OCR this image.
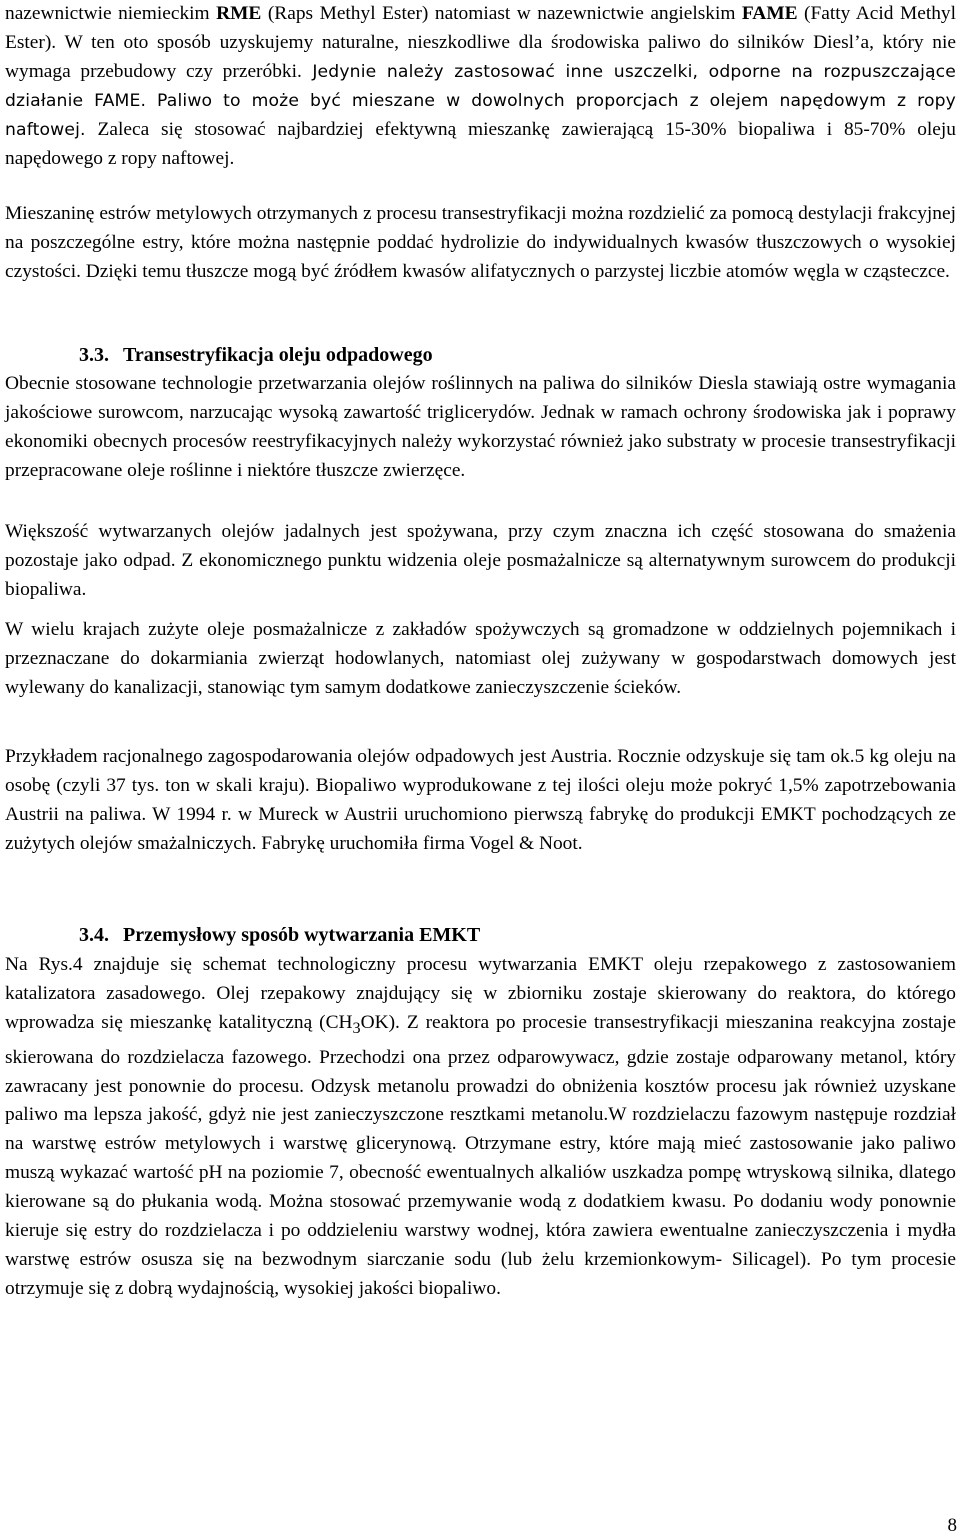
nazewnictwie niemieckim RME (Raps Methyl Ester) natomiast w nazewnictwie angielskim FAME (Fatty Acid Methyl Ester). W ten oto sposób uzyskujemy naturalne, nieszkodliwe dla środowiska paliwo do silników Diesl’a, który nie wymaga przebudowy czy przeróbki. Jedynie należy zastosować inne uszczelki, odporne na rozpuszczające działanie FAME. Paliwo to może być mieszane w dowolnych proporcjach z olejem napędowym z ropy naftowej. Zaleca się stosować najbardziej efektywną mieszankę zawierającą 15-30% biopaliwa i 85-70% oleju napędowego z ropy naftowej.

Mieszaninę estrów metylowych otrzymanych z procesu transestryfikacji można rozdzielić za pomocą destylacji frakcyjnej na poszczególne estry, które można następnie poddać hydrolizie do indywidualnych kwasów tłuszczowych o wysokiej czystości. Dzięki temu tłuszcze mogą być źródłem kwasów alifatycznych o parzystej liczbie atomów węgla w cząsteczce.

3.3. Transestryfikacja oleju odpadowego

Obecnie stosowane technologie przetwarzania olejów roślinnych na paliwa do silników Diesla stawiają ostre wymagania jakościowe surowcom, narzucając wysoką zawartość triglicerydów. Jednak w ramach ochrony środowiska jak i poprawy ekonomiki obecnych procesów reestryfikacyjnych należy wykorzystać również jako substraty w procesie transestryfikacji przepracowane oleje roślinne i niektóre tłuszcze zwierzęce.

Większość wytwarzanych olejów jadalnych jest spożywana, przy czym znaczna ich część stosowana do smażenia pozostaje jako odpad. Z ekonomicznego punktu widzenia oleje posmażalnicze są alternatywnym surowcem do produkcji biopaliwa.

W wielu krajach zużyte oleje posmażalnicze z zakładów spożywczych są gromadzone w oddzielnych pojemnikach i przeznaczane do dokarmiania zwierząt hodowlanych, natomiast olej zużywany w gospodarstwach domowych jest wylewany do kanalizacji, stanowiąc tym samym dodatkowe zanieczyszczenie ścieków.

Przykładem racjonalnego zagospodarowania olejów odpadowych jest Austria. Rocznie odzyskuje się tam ok.5 kg oleju na osobę (czyli 37 tys. ton w skali kraju). Biopaliwo wyprodukowane z tej ilości oleju może pokryć 1,5% zapotrzebowania Austrii na paliwa. W 1994 r. w Mureck w Austrii uruchomiono pierwszą fabrykę do produkcji EMKT pochodzących ze zużytych olejów smażalniczych. Fabrykę uruchomiła firma Vogel & Noot.

3.4. Przemysłowy sposób wytwarzania EMKT

Na Rys.4 znajduje się schemat technologiczny procesu wytwarzania EMKT oleju rzepakowego z zastosowaniem katalizatora zasadowego. Olej rzepakowy znajdujący się w zbiorniku zostaje skierowany do reaktora, do którego wprowadza się mieszankę katalityczną $(CH_3OK)$. Z reaktora po procesie transestryfikacji mieszanina reakcyjna zostaje skierowana do rozdzielacza fazowego. Przechodzi ona przez odparowywacz, gdzie zostaje odparowany metanol, który zawracany jest ponownie do procesu. Odzysk metanolu prowadzi do obniżenia kosztów procesu jak również uzyskane paliwo ma lepsza jakość, gdyż nie jest zanieczyszczone resztkami metanolu.W rozdzielaczu fazowym następuje rozdział na warstwę estrów metylowych i warstwę glicerynową. Otrzymane estry, które mają mieć zastosowanie jako paliwo muszą wykazać wartość pH na poziomie 7, obecność ewentualnych alkaliów uszkadza pompę wtryskową silnika, dlatego kierowane są do płukania wodą. Można stosować przemywanie wodą z dodatkiem kwasu. Po dodaniu wody ponownie kieruje się estry do rozdzielacza i po oddzieleniu warstwy wodnej, która zawiera ewentualne zanieczyszczenia i mydła warstwę estrów osusza się na bezwodnym siarczanie sodu (lub żelu krzemionkowym- Silicagel). Po tym procesie otrzymuje się z dobrą wydajnością, wysokiej jakości biopaliwo.

8
